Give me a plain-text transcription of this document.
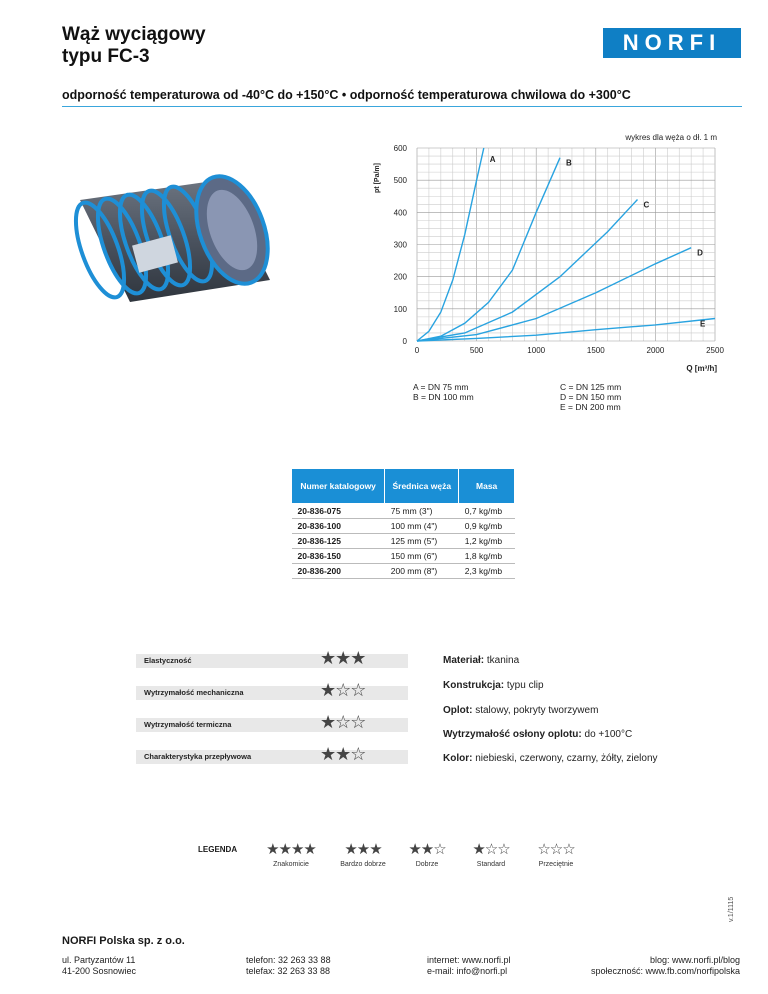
Wąż wyciągowy
typu FC-3
NORFI
odporność temperaturowa od -40°C do +150°C • odporność temperaturowa chwilowa do +300°C
wykres dla węża o dł. 1 m
pt [Pa/m]
Q [m³/h]
0	500	1000	1500	2000	2500
0
100
200
300
400
500
600
A	B
C
D
E
A = DN 75 mm
B = DN 100 mm
C = DN 125 mm
D = DN 150 mm
E = DN 200 mm
Numer katalogowy	Średnica węża	Masa
20-836-075	75 mm (3")	0,7 kg/mb
20-836-100	100 mm (4")	0,9 kg/mb
20-836-125	125 mm (5")	1,2 kg/mb
20-836-150	150 mm (6")	1,8 kg/mb
20-836-200	200 mm (8")	2,3 kg/mb
Elastyczność	★★★
Wytrzymałość mechaniczna	★☆☆
Wytrzymałość termiczna	★☆☆
Charakterystyka przepływowa	★★☆
Materiał: tkanina
Konstrukcja: typu clip
Oplot: stalowy, pokryty tworzywem
Wytrzymałość osłony oplotu: do +100°C
Kolor: niebieski, czerwony, czarny, żółty, zielony
LEGENDA	★★★★
Znakomicie
★★★
Bardzo dobrze
★★☆
Dobrze
★☆☆
Standard
☆☆☆
Przeciętnie
v.1/1115
NORFI Polska sp. z o.o.
ul. Partyzantów 11
41-200 Sosnowiec
telefon: 32 263 33 88
telefax: 32 263 33 88
internet: www.norfi.pl
e-mail: info@norfi.pl
blog: www.norfi.pl/blog
społeczność: www.fb.com/norfipolska
